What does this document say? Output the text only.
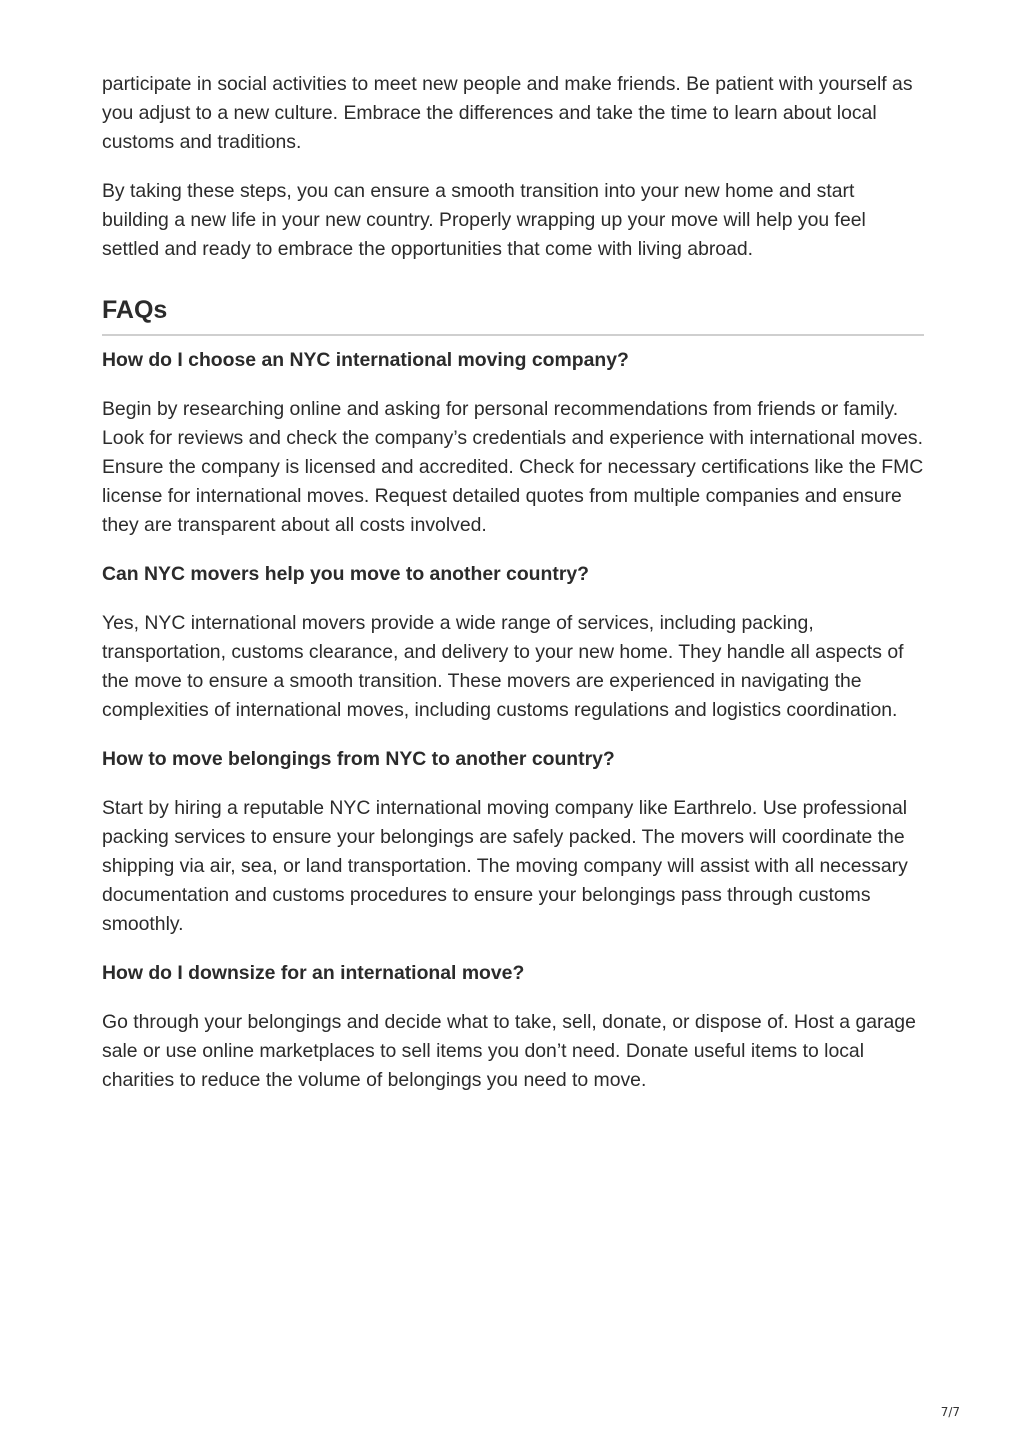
participate in social activities to meet new people and make friends. Be patient with yourself as you adjust to a new culture. Embrace the differences and take the time to learn about local customs and traditions.

By taking these steps, you can ensure a smooth transition into your new home and start building a new life in your new country. Properly wrapping up your move will help you feel settled and ready to embrace the opportunities that come with living abroad.

FAQs
How do I choose an NYC international moving company?

Begin by researching online and asking for personal recommendations from friends or family. Look for reviews and check the company’s credentials and experience with international moves. Ensure the company is licensed and accredited. Check for necessary certifications like the FMC license for international moves. Request detailed quotes from multiple companies and ensure they are transparent about all costs involved.

Can NYC movers help you move to another country?

Yes, NYC international movers provide a wide range of services, including packing, transportation, customs clearance, and delivery to your new home. They handle all aspects of the move to ensure a smooth transition. These movers are experienced in navigating the complexities of international moves, including customs regulations and logistics coordination.

How to move belongings from NYC to another country?

Start by hiring a reputable NYC international moving company like Earthrelo. Use professional packing services to ensure your belongings are safely packed. The movers will coordinate the shipping via air, sea, or land transportation. The moving company will assist with all necessary documentation and customs procedures to ensure your belongings pass through customs smoothly.

How do I downsize for an international move?

Go through your belongings and decide what to take, sell, donate, or dispose of. Host a garage sale or use online marketplaces to sell items you don’t need. Donate useful items to local charities to reduce the volume of belongings you need to move.

7/7
